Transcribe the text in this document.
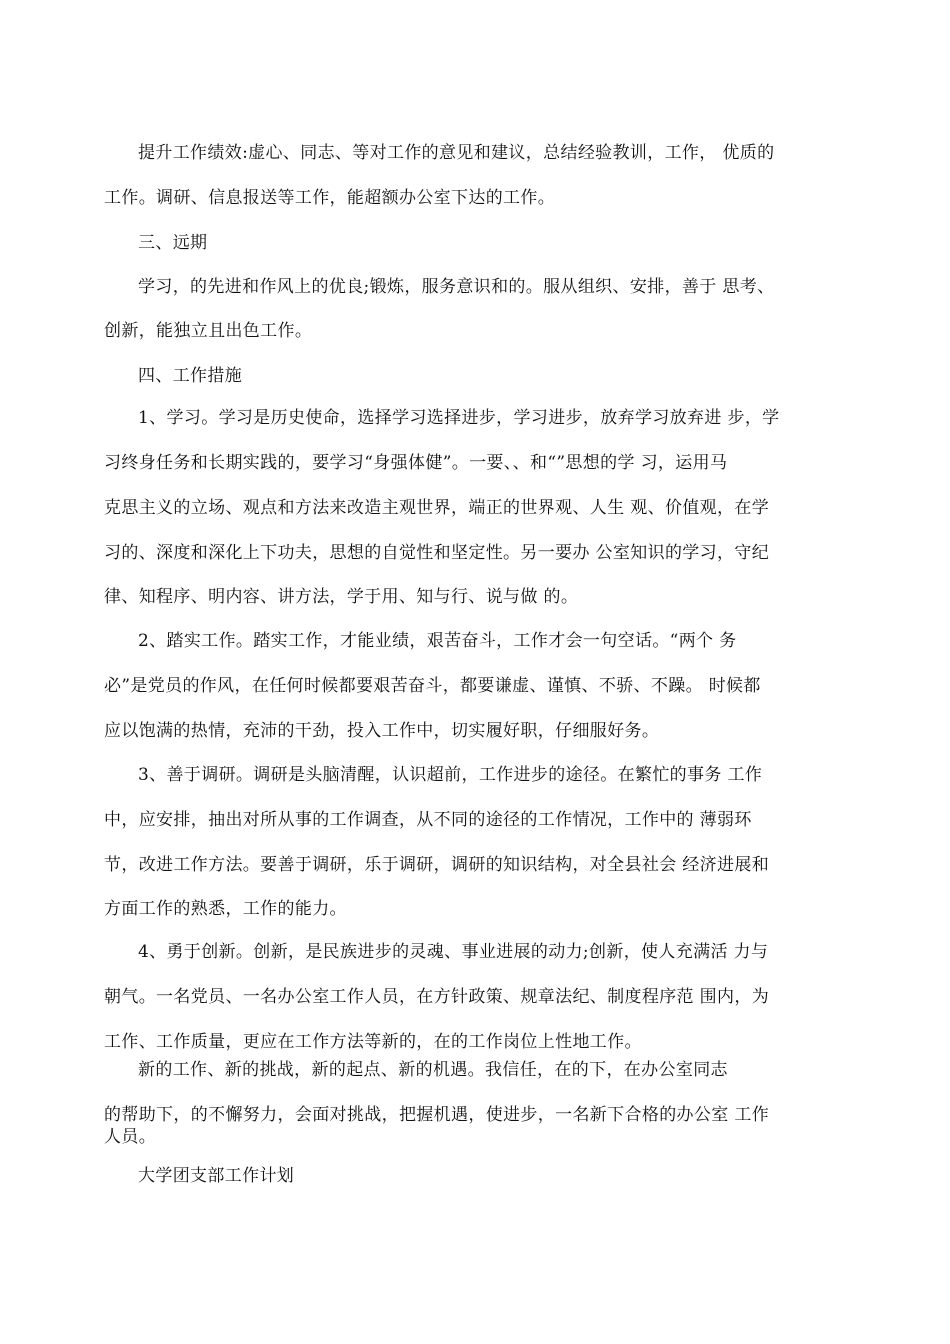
提升工作绩效:虚心、同志、等对工作的意见和建议，总结经验教训，工作， 优质的
工作。调研、信息报送等工作，能超额办公室下达的工作。
三、远期
学习，的先进和作风上的优良;锻炼，服务意识和的。服从组织、安排，善于 思考、
创新，能独立且出色工作。
四、工作措施
1、学习。学习是历史使命，选择学习选择进步，学习进步，放弃学习放弃进 步，学
习终身任务和长期实践的，要学习“身强体健”。一要、、和“”思想的学 习，运用马
克思主义的立场、观点和方法来改造主观世界，端正的世界观、人生 观、价值观，在学
习的、深度和深化上下功夫，思想的自觉性和坚定性。另一要办 公室知识的学习，守纪
律、知程序、明内容、讲方法，学于用、知与行、说与做 的。
2、踏实工作。踏实工作，才能业绩，艰苦奋斗，工作才会一句空话。“两个 务
必”是党员的作风，在任何时候都要艰苦奋斗，都要谦虚、谨慎、不骄、不躁。 时候都
应以饱满的热情，充沛的干劲，投入工作中，切实履好职，仔细服好务。
3、善于调研。调研是头脑清醒，认识超前，工作进步的途径。在繁忙的事务 工作
中，应安排，抽出对所从事的工作调查，从不同的途径的工作情况，工作中的 薄弱环
节，改进工作方法。要善于调研，乐于调研，调研的知识结构，对全县社会 经济进展和
方面工作的熟悉，工作的能力。
4、勇于创新。创新，是民族进步的灵魂、事业进展的动力;创新，使人充满活 力与
朝气。一名党员、一名办公室工作人员，在方针政策、规章法纪、制度程序范 围内，为
工作、工作质量，更应在工作方法等新的，在的工作岗位上性地工作。
新的工作、新的挑战，新的起点、新的机遇。我信任，在的下，在办公室同志
的帮助下，的不懈努力，会面对挑战，把握机遇，使进步，一名新下合格的办公室 工作
人员。
大学团支部工作计划
